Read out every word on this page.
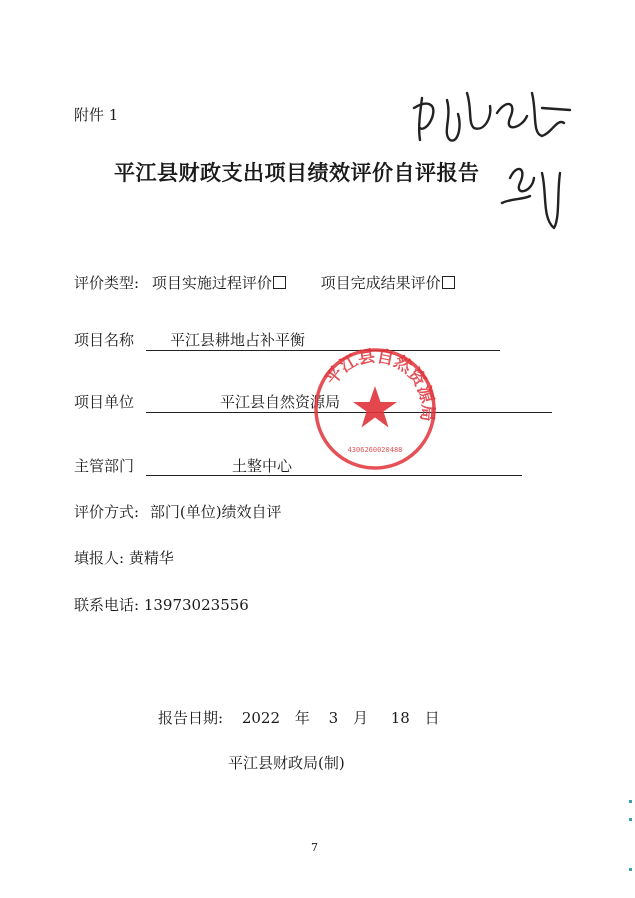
附件 1
平江县财政支出项目绩效评价自评报告
评价类型: 项目实施过程评价	项目完成结果评价
项目名称 平江县耕地占补平衡
项目单位	平江县自然资源局
平江县自然资源局
4306260020488
主管部门	土整中心
评价方式: 部门(单位)绩效自评
填报人: 黄精华
联系电话: 13973023556
报告日期: 2022 年 3 月 18 日
平江县财政局(制)
7
